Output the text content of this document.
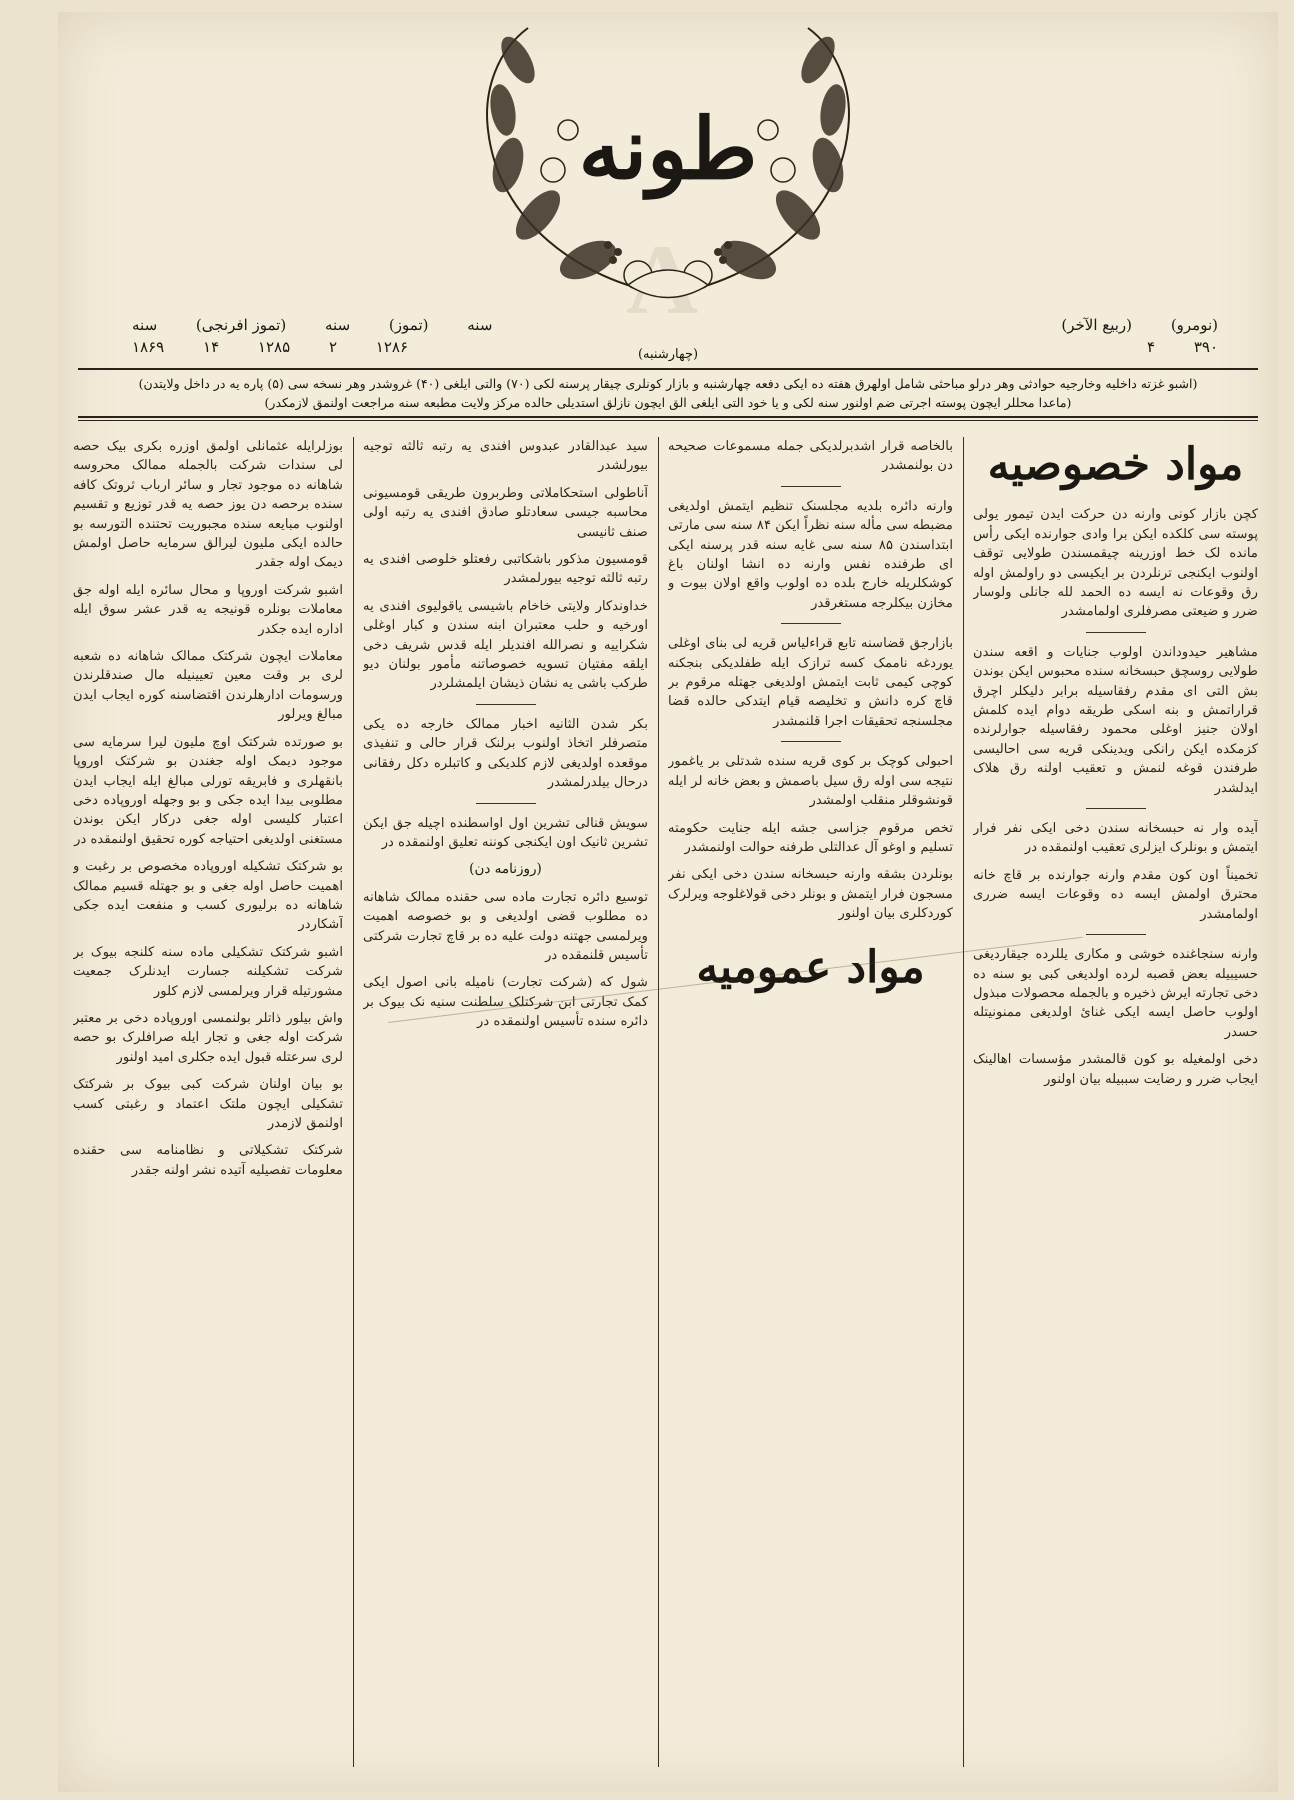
طونه
سنه (تموز) سنه (تموز افرنجی) سنه
۱۲۸۶ ۲ ۱۲۸۵ ۱۴ ۱۸۶۹
(نومرو) (ربیع الآخر)
۳۹۰ ۴
(چهارشنبه)
(اشبو غزته داخلیه وخارجیه حوادثی وهر درلو مباحثی شامل اولهرق هفته ده ایکی دفعه چهارشنبه و بازار کونلری چیقار پرسنه لکی (۷۰) والتی ایلغی (۴۰) غروشدر وهر نسخه سی (۵) پاره یه در داخل ولایتدن)
(ماعدا محللر ایچون پوسته اجرتی ضم اولنور سنه لکی و یا خود التی ایلغی الق ایچون نازلق استدیلی حالده مرکز ولایت مطبعه سنه مراجعت اولنمق لازمکدر)
مواد خصوصیه

کچن بازار کونی وارنه دن حرکت ایدن تیمور یولی پوسته سی کلکده ایکن برا وادی جوارنده ایکی رأس مانده لک خط اوزرینه چیقمسندن طولایی توقف اولنوب ایکنجی ترنلردن بر ایکیسی دو راولمش اوله رق وقوعات نه ایسه ده الحمد لله جانلی ولوسار ضرر و ضیعتی مصرفلری اولمامشدر

مشاهیر حیدوداندن اولوب جنایات و اقعه سندن طولایی روسچق حبسخانه سنده محبوس ایکن بوندن بش التی ای مقدم رفقاسیله برابر دلیکلر اچرق قراراتمش و بنه اسکی طریقه دوام ایده کلمش اولان جنیز اوغلی محمود رفقاسیله جوارلرنده کزمکده ایکن رانکی ویدینکی قریه سی احالیسی طرفندن قوغه لنمش و تعقیب اولنه رق هلاک ایدلشدر

آیده وار نه حبسخانه سندن دخی ایکی نفر فرار ایتمش و بونلرک ایزلری تعقیب اولنمقده در

تخمیناً اون کون مقدم وارنه جوارنده بر قاچ خانه محترق اولمش ایسه ده وقوعات ایسه ضرری اولمامشدر

وارنه سنجاغنده خوشی و مکاری یللرده جیقاردیغی حسیبیله بعض قصبه لرده اولدیغی کبی بو سنه ده دخی تجارته ایرش ذخیره و بالجمله محصولات مبذول اولوب حاصل ایسه ایکی غنائ اولدیغی ممنونیتله حسدر

دخی اولمغیله بو کون قالمشدر مؤسسات اهالینک ایجاب ضرر و رضایت سببیله بیان اولنور

بالخاصه قرار اشدبرلدیکی جمله مسموعات صحیحه دن بولنمشدر

وارنه دائره بلدیه مجلسنک تنظیم ایتمش اولدیغی مضبطه سی مأله سنه نظراً ایکن ۸۴ سنه سی مارتی ابتداسندن ۸۵ سنه سی غایه سنه قدر پرسنه ایکی ای طرفنده نفس وارنه ده انشا اولنان باغ کوشکلریله خارج بلده ده اولوب واقع اولان بیوت و مخازن بیکلرجه مستغرقدر

بازارجق قضاسنه تابع قراءلیاس قریه لی بنای اوغلی یوردغه ناممک کسه ترازک ایله طفلدیکی بنجکنه کوچی کیمی ثابت ایتمش اولدیغی جهتله مرقوم بر قاچ کره دانش و تخلیصه قیام ایتدکی حالده قضا مجلسنجه تحقیقات اجرا قلنمشدر

احبولی کوچک بر کوی قریه سنده شدتلی بر یاغمور نتیجه سی اوله رق سیل باصمش و بعض خانه لر ایله قونشوقلر منقلب اولمشدر

تخص مرقوم جزاسی جشه ایله جنایت حکومته تسلیم و اوغو آل عدالتلی طرفنه حوالت اولنمشدر

بونلردن بشقه وارنه حبسخانه سندن دخی ایکی نفر مسجون فرار ایتمش و بونلر دخی قولاغلوجه ویرلرک کوردکلری بیان اولنور

مواد عمومیه

سید عبدالقادر عبدوس افندی یه رتبه ثالثه توجیه بیورلشدر

آناطولی استحکاملاتی وطربرون طریقی قومسیونی محاسبه جیسی سعادتلو صادق افندی یه رتبه اولی صنف ثانیسی

قومسیون مذکور باشکاتبی رفعتلو خلوصی افندی یه رتبه ثالثه توجیه بیورلمشدر

خداوندکار ولایتی خاخام باشیسی یاقولیوی افندی یه اورخیه و حلب معتبران ابنه سندن و کبار اوغلی شکراییه و نصرالله افندیلر ایله قدس شریف دخی ایلقه مفتیان تسویه خصوصاتنه مأمور بولنان دیو طرکب باشی یه نشان ذیشان ایلمشلردر

بکر شدن الثانیه اخبار ممالک خارجه ده یکی متصرفلر اتخاذ اولنوب برلنک قرار حالی و تنفیذی موقعده اولدیغی لازم کلدیکی و کاتبلره دکل رفقانی درحال بیلدرلمشدر

سویش قنالی تشرین اول اواسطنده اچیله جق ایکن تشرین ثانیک اون ایکنجی کوننه تعلیق اولنمقده در

(روزنامه دن)

توسیع دائره تجارت ماده سی حقنده ممالک شاهانه ده مطلوب قضی اولدیغی و بو خصوصه اهمیت ویرلمسی جهتنه دولت علیه ده بر قاچ تجارت شرکتی تأسیس قلنمقده در

شول که (شرکت تجارت) نامیله بانی اصول ایکی کمک تجارتی ابن شرکتلک سلطنت سنیه نک بیوک بر دائره سنده تأسیس اولنمقده در

بوزلرایله عثمانلی اولمق اوزره بکری بیک حصه لی سندات شرکت بالجمله ممالک محروسه شاهانه ده موجود تجار و سائر ارباب ثروتک کافه سنده برحصه دن یوز حصه یه قدر توزیع و تقسیم اولنوب مبایعه سنده مجبوریت تحتنده التورسه بو حالده ایکی ملیون لیرالق سرمایه حاصل اولمش دیمک اوله جقدر

اشبو شرکت اوروپا و محال سائره ایله اوله جق معاملات بونلره قونیجه یه قدر عشر سوق ایله اداره ایده جکدر

معاملات ایچون شرکتک ممالک شاهانه ده شعبه لری بر وقت معین تعیینیله مال صندقلرندن ورسومات ادارهلرندن اقتضاسنه کوره ایجاب ایدن مبالغ ویرلور

بو صورتده شرکتک اوچ ملیون لیرا سرمایه سی موجود دیمک اوله جغندن بو شرکتک اوروپا بانقهلری و فابریقه تورلی مبالغ ایله ایجاب ایدن مطلوبی بیدا ایده جکی و بو وجهله اوروپاده دخی اعتبار کلیسی اوله جغی درکار ایکن بوندن مستغنی اولدیغی احتیاجه کوره تحقیق اولنمقده در

بو شرکتک تشکیله اوروپاده مخصوص بر رغبت و اهمیت حاصل اوله جغی و بو جهتله قسیم ممالک شاهانه ده برلیوری کسب و منفعت ایده جکی آشکاردر

اشبو شرکتک تشکیلی ماده سنه کلنجه بیوک بر شرکت تشکیلنه جسارت ایدنلرک جمعیت مشورتیله قرار ویرلمسی لازم کلور

واش بیلور ذاتلر بولنمسی اوروپاده دخی بر معتبر شرکت اوله جغی و تجار ایله صرافلرک بو حصه لری سرعتله قبول ایده جکلری امید اولنور

بو بیان اولنان شرکت کبی بیوک بر شرکتک تشکیلی ایچون ملتک اعتماد و رغبتی کسب اولنمق لازمدر

شرکتک تشکیلاتی و نظامنامه سی حقنده معلومات تفصیلیه آتیده نشر اولنه جقدر
